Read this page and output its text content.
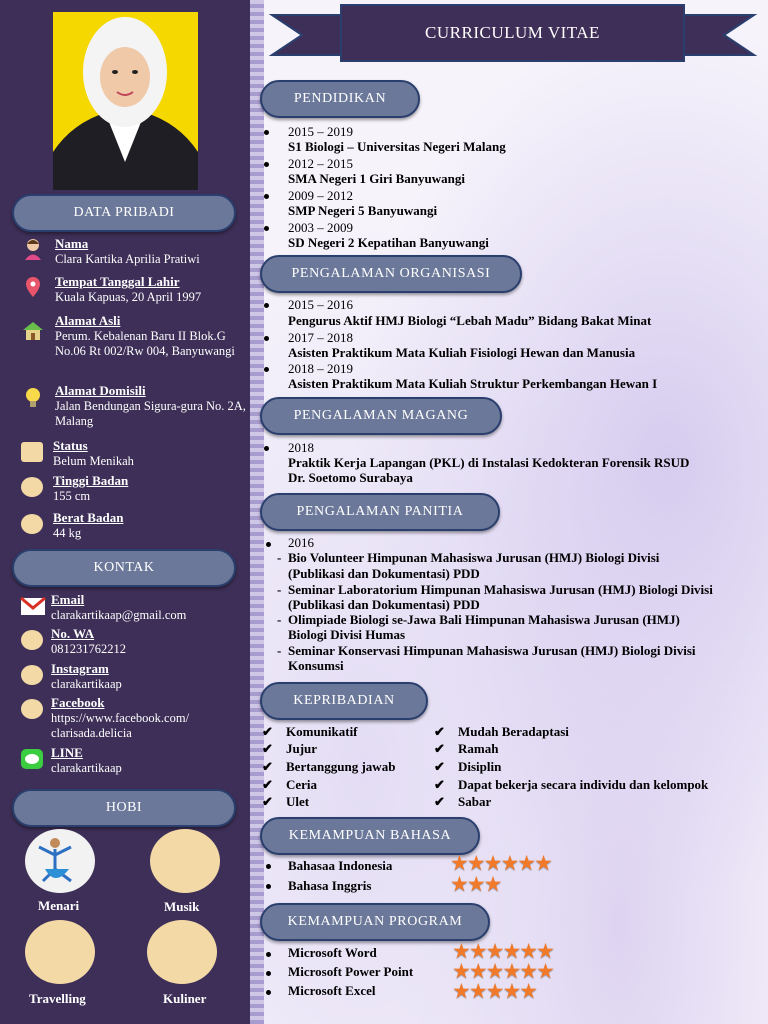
DATA PRIBADI
Nama
Clara Kartika Aprilia Pratiwi
Tempat Tanggal Lahir
Kuala Kapuas, 20 April 1997
Alamat Asli
Perum. Kebalenan Baru II Blok.G No.06 Rt 002/Rw 004, Banyuwangi
Alamat Domisili
Jalan Bendungan Sigura-gura No. 2A, Malang
Status
Belum Menikah
Tinggi Badan
155 cm
Berat Badan
44 kg
KONTAK
Email
clarakartikaap@gmail.com
No. WA
081231762212
Instagram
clarakartikaap
Facebook
https://www.facebook.com/ clarisada.delicia
LINE
clarakartikaap
HOBI
Menari	Musik
Travelling	Kuliner
CURRICULUM VITAE
PENDIDIKAN
2015 – 2019
S1 Biologi – Universitas Negeri Malang
2012 – 2015
SMA Negeri 1 Giri Banyuwangi
2009 – 2012
SMP Negeri 5 Banyuwangi
2003 – 2009
SD Negeri 2 Kepatihan Banyuwangi
PENGALAMAN ORGANISASI
2015 – 2016
Pengurus Aktif HMJ Biologi “Lebah Madu” Bidang Bakat Minat
2017 – 2018
Asisten Praktikum Mata Kuliah Fisiologi Hewan dan Manusia
2018 – 2019
Asisten Praktikum Mata Kuliah Struktur Perkembangan Hewan I
PENGALAMAN MAGANG
2018
Praktik Kerja Lapangan (PKL) di Instalasi Kedokteran Forensik RSUD
Dr. Soetomo Surabaya
PENGALAMAN PANITIA
2016
- Bio Volunteer Himpunan Mahasiswa Jurusan (HMJ) Biologi Divisi
(Publikasi dan Dokumentasi) PDD
- Seminar Laboratorium Himpunan Mahasiswa Jurusan (HMJ) Biologi Divisi
(Publikasi dan Dokumentasi) PDD
- Olimpiade Biologi se-Jawa Bali Himpunan Mahasiswa Jurusan (HMJ)
Biologi Divisi Humas
- Seminar Konservasi Himpunan Mahasiswa Jurusan (HMJ) Biologi Divisi
Konsumsi
KEPRIBADIAN
✔ Komunikatif
✔ Jujur
✔ Bertanggung jawab
✔ Ceria
✔ Ulet
✔ Mudah Beradaptasi
✔ Ramah
✔ Disiplin
✔ Dapat bekerja secara individu dan kelompok
✔ Sabar
KEMAMPUAN BAHASA
Bahasaa Indonesia	★★★★★★
Bahasa Inggris	★★★
KEMAMPUAN PROGRAM
Microsoft Word	★★★★★★
Microsoft Power Point ★★★★★★
Microsoft Excel	★★★★★
